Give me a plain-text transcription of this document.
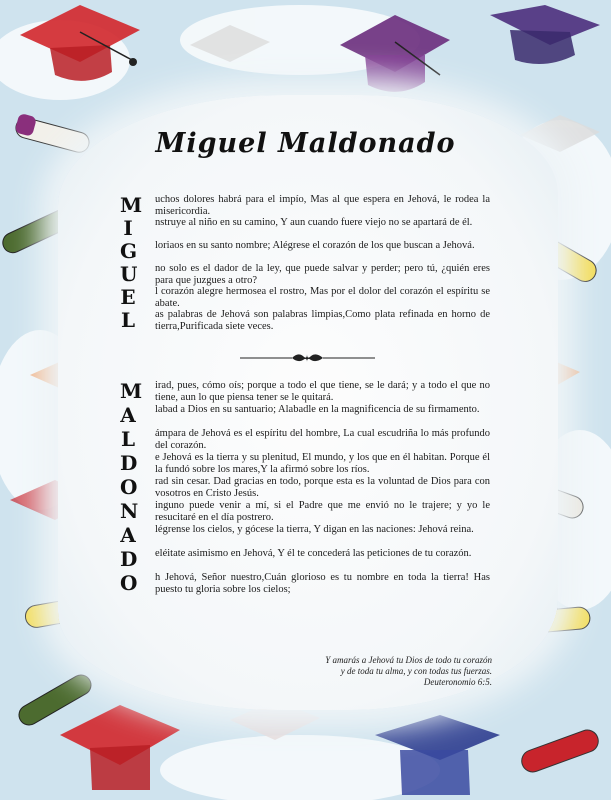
Miguel Maldonado
M
I
G
U
E
L
uchos dolores habrá para el impío, Mas al que espera en Jehová, le rodea la misericordia.
nstruye al niño en su camino, Y aun cuando fuere viejo no se apartará de él.
loriaos en su santo nombre; Alégrese el corazón de los que buscan a Jehová.
no solo es el dador de la ley, que puede salvar y perder; pero tú, ¿quién eres para que juzgues a otro?
l corazón alegre hermosea el rostro, Mas por el dolor del corazón el espíritu se abate.
as palabras de Jehová son palabras limpias,Como plata refinada en horno de tierra,Purificada siete veces.
M
A
L
D
O
N
A
D
O
irad, pues, cómo oís; porque a todo el que tiene, se le dará; y a todo el que no tiene, aun lo que piensa tener se le quitará.
labad a Dios en su santuario; Alabadle en la magnificencia de su firmamento.
ámpara de Jehová es el espíritu del hombre, La cual escudriña lo más profundo del corazón.
e Jehová es la tierra y su plenitud, El mundo, y los que en él habitan. Porque él la fundó sobre los mares,Y la afirmó sobre los ríos.
rad sin cesar. Dad gracias en todo, porque esta es la voluntad de Dios para con vosotros en Cristo Jesús.
inguno puede venir a mí, si el Padre que me envió no le trajere; y yo le resucitaré en el día postrero.
légrense los cielos, y gócese la tierra, Y digan en las naciones: Jehová reina.
eléitate asimismo en Jehová, Y él te concederá las peticiones de tu corazón.
h Jehová, Señor nuestro,Cuán glorioso es tu nombre en toda la tierra! Has puesto tu gloria sobre los cielos;
Y amarás a Jehová tu Dios de todo tu corazón
y de toda tu alma, y con todas tus fuerzas.
Deuteronomio 6:5.
